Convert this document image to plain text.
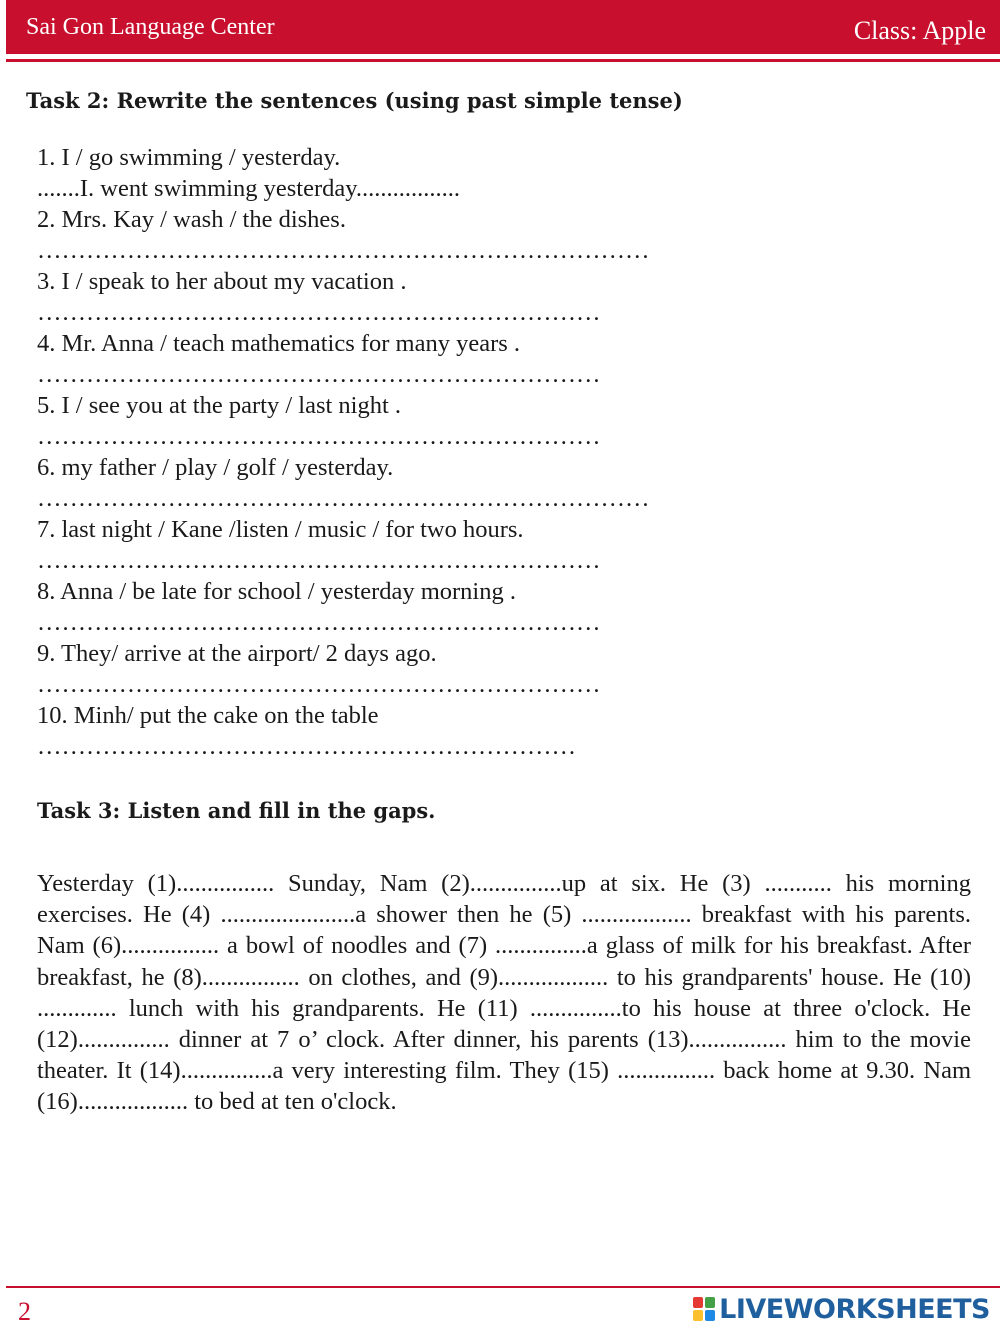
Sai Gon Language Center	Class: Apple
Task 2: Rewrite the sentences (using past simple tense)
1. I / go swimming / yesterday.
.......I. went swimming yesterday.................
2. Mrs. Kay / wash / the dishes.
…………………………………………………………………
3. I / speak to her about my vacation .
……………………………………………………………
4. Mr. Anna / teach mathematics for many years .
……………………………………………………………
5. I / see you at the party / last night .
……………………………………………………………
6. my father / play / golf / yesterday.
…………………………………………………………………
7. last night / Kane /listen / music / for two hours.
……………………………………………………………
8. Anna / be late for school / yesterday morning .
……………………………………………………………
9. They/ arrive at the airport/ 2 days ago.
……………………………………………………………
10. Minh/ put the cake on the table
…………………………………………………………
Task 3: Listen and fill in the gaps.

Yesterday (1)................ Sunday, Nam (2)...............up at six. He (3) ........... his morning exercises. He (4) ......................a shower then he (5) .................. breakfast with his parents. Nam (6)................ a bowl of noodles and (7) ...............a glass of milk for his breakfast. After breakfast, he (8)................ on clothes, and (9).................. to his grandparents' house. He (10) ............. lunch with his grandparents. He (11) ...............to his house at three o'clock. He (12)............... dinner at 7 o’ clock. After dinner, his parents (13)................ him to the movie theater. It (14)...............a very interesting film. They (15) ................ back home at 9.30. Nam (16).................. to bed at ten o'clock.

2	LIVEWORKSHEETS
